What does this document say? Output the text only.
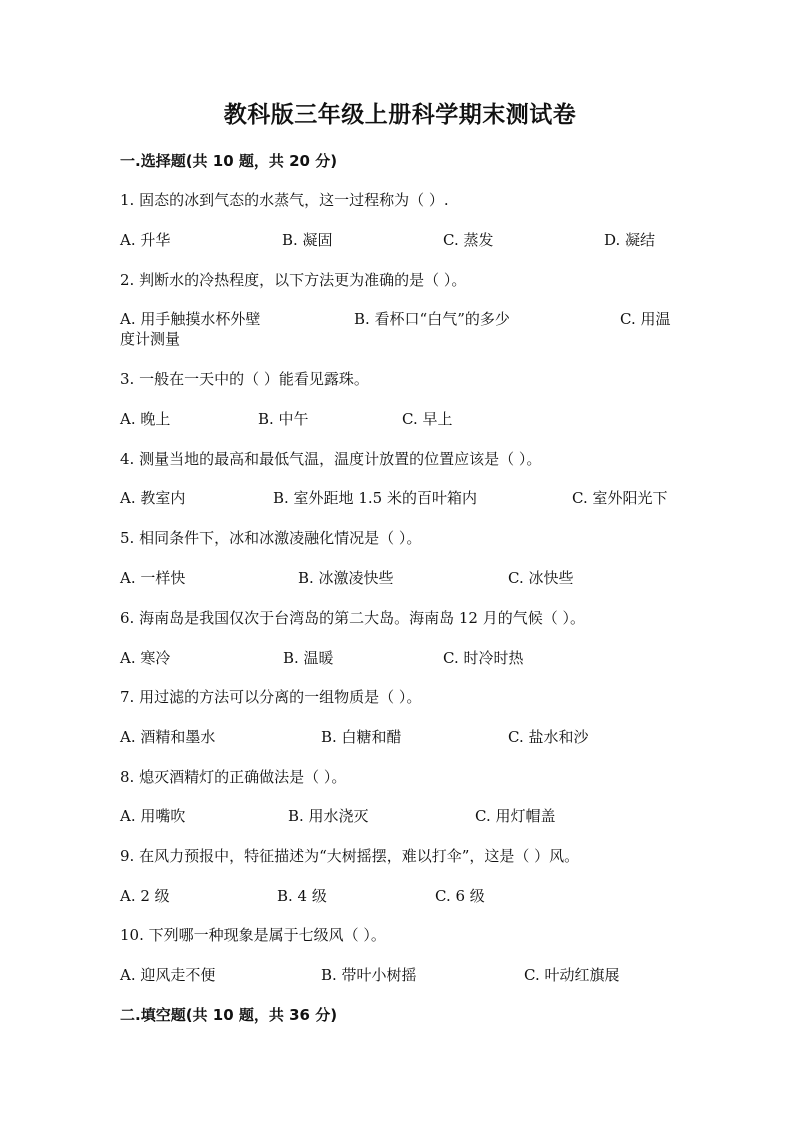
教科版三年级上册科学期末测试卷
一.选择题(共 10 题，共 20 分)
1. 固态的冰到气态的水蒸气，这一过程称为（ ）.
A. 升华	B. 凝固	C. 蒸发	D. 凝结
2. 判断水的冷热程度，以下方法更为准确的是（ ）。
A. 用手触摸水杯外壁	B. 看杯口“白气”的多少	C. 用温
度计测量
3. 一般在一天中的（ ）能看见露珠。
A. 晚上	B. 中午	C. 早上
4. 测量当地的最高和最低气温，温度计放置的位置应该是（ ）。
A. 教室内	B. 室外距地 1.5 米的百叶箱内	C. 室外阳光下
5. 相同条件下，冰和冰激凌融化情况是（ ）。
A. 一样快	B. 冰激凌快些	C. 冰快些
6. 海南岛是我国仅次于台湾岛的第二大岛。海南岛 12 月的气候（ ）。
A. 寒冷	B. 温暖	C. 时冷时热
7. 用过滤的方法可以分离的一组物质是（ ）。
A. 酒精和墨水	B. 白糖和醋	C. 盐水和沙
8. 熄灭酒精灯的正确做法是（ ）。
A. 用嘴吹	B. 用水浇灭	C. 用灯帽盖
9. 在风力预报中，特征描述为“大树摇摆，难以打伞”，这是（ ）风。
A. 2 级	B. 4 级	C. 6 级
10. 下列哪一种现象是属于七级风（ ）。
A. 迎风走不便	B. 带叶小树摇	C. 叶动红旗展
二.填空题(共 10 题，共 36 分)
